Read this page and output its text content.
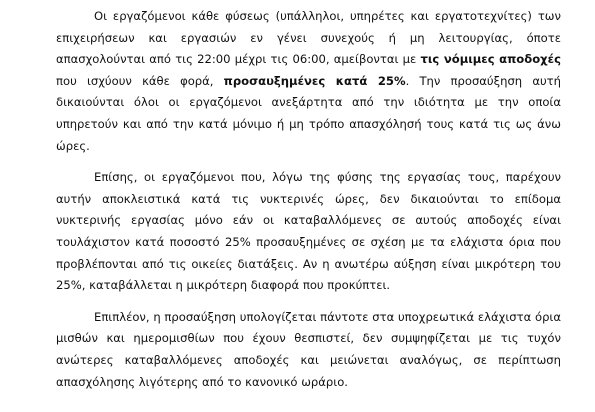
Οι εργαζόμενοι κάθε φύσεως (υπάλληλοι, υπηρέτες και εργατοτεχνίτες) των επιχειρήσεων και εργασιών εν γένει συνεχούς ή μη λειτουργίας, όποτε απασχολούνται από τις 22:00 μέχρι τις 06:00, αμείβονται με τις νόμιμες αποδοχές που ισχύουν κάθε φορά, προσαυξημένες κατά 25%. Την προσαύξηση αυτή δικαιούνται όλοι οι εργαζόμενοι ανεξάρτητα από την ιδιότητα με την οποία υπηρετούν και από την κατά μόνιμο ή μη τρόπο απασχόλησή τους κατά τις ως άνω ώρες.

Επίσης, οι εργαζόμενοι που, λόγω της φύσης της εργασίας τους, παρέχουν αυτήν αποκλειστικά κατά τις νυκτερινές ώρες, δεν δικαιούνται το επίδομα νυκτερινής εργασίας μόνο εάν οι καταβαλλόμενες σε αυτούς αποδοχές είναι τουλάχιστον κατά ποσοστό 25% προσαυξημένες σε σχέση με τα ελάχιστα όρια που προβλέπονται από τις οικείες διατάξεις. Αν η ανωτέρω αύξηση είναι μικρότερη του 25%, καταβάλλεται η μικρότερη διαφορά που προκύπτει.

Επιπλέον, η προσαύξηση υπολογίζεται πάντοτε στα υποχρεωτικά ελάχιστα όρια μισθών και ημερομισθίων που έχουν θεσπιστεί, δεν συμψηφίζεται με τις τυχόν ανώτερες καταβαλλόμενες αποδοχές και μειώνεται αναλόγως, σε περίπτωση απασχόλησης λιγότερης από το κανονικό ωράριο.
